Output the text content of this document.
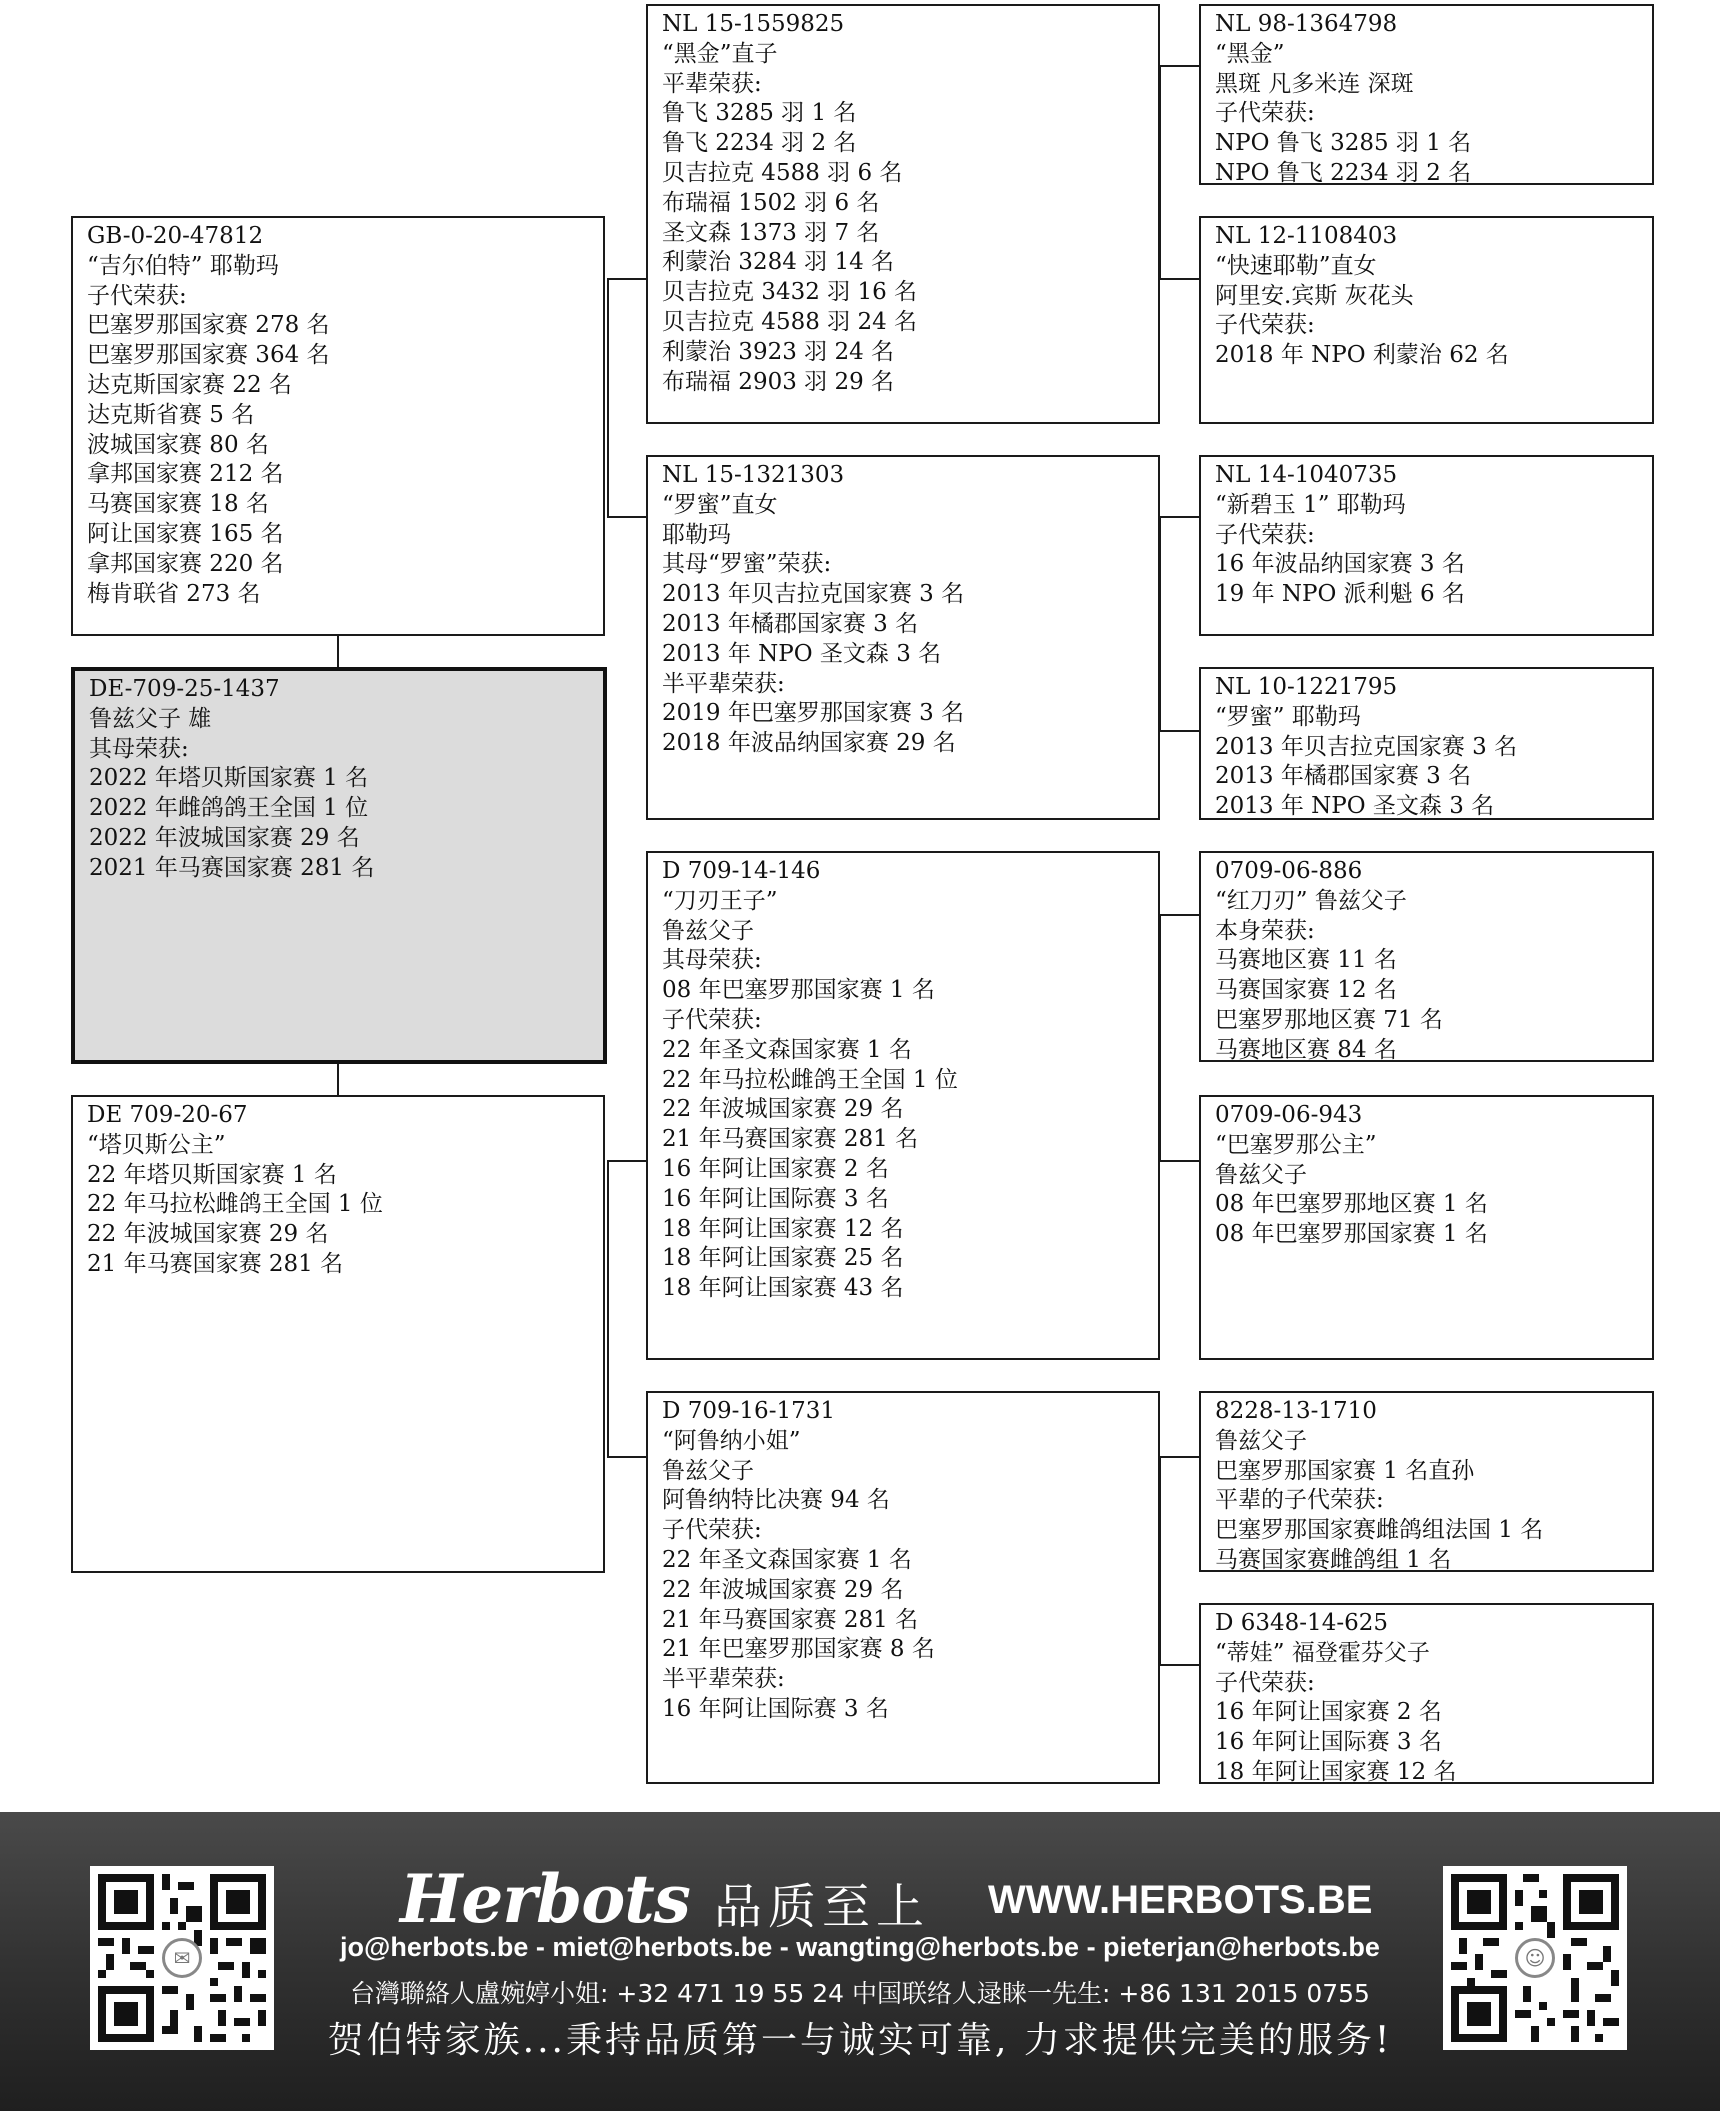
GB-0-20-47812
“吉尔伯特” 耶勒玛
子代荣获:
巴塞罗那国家赛 278 名
巴塞罗那国家赛 364 名
达克斯国家赛 22 名
达克斯省赛 5 名
波城国家赛 80 名
拿邦国家赛 212 名
马赛国家赛 18 名
阿让国家赛 165 名
拿邦国家赛 220 名
梅肯联省 273 名
DE-709-25-1437
鲁兹父子 雄
其母荣获:
2022 年塔贝斯国家赛 1 名
2022 年雌鸽鸽王全国 1 位
2022 年波城国家赛 29 名
2021 年马赛国家赛 281 名
DE 709-20-67
“塔贝斯公主”
22 年塔贝斯国家赛 1 名
22 年马拉松雌鸽王全国 1 位
22 年波城国家赛 29 名
21 年马赛国家赛 281 名
NL 15-1559825
“黑金”直子
平辈荣获:
鲁飞 3285 羽 1 名
鲁飞 2234 羽 2 名
贝吉拉克 4588 羽 6 名
布瑞福 1502 羽 6 名
圣文森 1373 羽 7 名
利蒙治 3284 羽 14 名
贝吉拉克 3432 羽 16 名
贝吉拉克 4588 羽 24 名
利蒙治 3923 羽 24 名
布瑞福 2903 羽 29 名
NL 15-1321303
“罗蜜”直女
耶勒玛
其母“罗蜜”荣获:
2013 年贝吉拉克国家赛 3 名
2013 年橘郡国家赛 3 名
2013 年 NPO 圣文森 3 名
半平辈荣获:
2019 年巴塞罗那国家赛 3 名
2018 年波品纳国家赛 29 名
D 709-14-146
“刀刃王子”
鲁兹父子
其母荣获:
08 年巴塞罗那国家赛 1 名
子代荣获:
22 年圣文森国家赛 1 名
22 年马拉松雌鸽王全国 1 位
22 年波城国家赛 29 名
21 年马赛国家赛 281 名
16 年阿让国家赛 2 名
16 年阿让国际赛 3 名
18 年阿让国家赛 12 名
18 年阿让国家赛 25 名
18 年阿让国家赛 43 名
D 709-16-1731
“阿鲁纳小姐”
鲁兹父子
阿鲁纳特比决赛 94 名
子代荣获:
22 年圣文森国家赛 1 名
22 年波城国家赛 29 名
21 年马赛国家赛 281 名
21 年巴塞罗那国家赛 8 名
半平辈荣获:
16 年阿让国际赛 3 名
NL 98-1364798
“黑金”
黑斑 凡多米连 深斑
子代荣获:
NPO 鲁飞 3285 羽 1 名
NPO 鲁飞 2234 羽 2 名
NL 12-1108403
“快速耶勒”直女
阿里安.宾斯 灰花头
子代荣获:
2018 年 NPO 利蒙治 62 名
NL 14-1040735
“新碧玉 1” 耶勒玛
子代荣获:
16 年波品纳国家赛 3 名
19 年 NPO 派利魁 6 名
NL 10-1221795
“罗蜜” 耶勒玛
2013 年贝吉拉克国家赛 3 名
2013 年橘郡国家赛 3 名
2013 年 NPO 圣文森 3 名
0709-06-886
“红刀刃” 鲁兹父子
本身荣获:
马赛地区赛 11 名
马赛国家赛 12 名
巴塞罗那地区赛 71 名
马赛地区赛 84 名
0709-06-943
“巴塞罗那公主”
鲁兹父子
08 年巴塞罗那地区赛 1 名
08 年巴塞罗那国家赛 1 名
8228-13-1710
鲁兹父子
巴塞罗那国家赛 1 名直孙
平辈的子代荣获:
巴塞罗那国家赛雌鸽组法国 1 名
马赛国家赛雌鸽组 1 名
D 6348-14-625
“蒂娃” 福登霍芬父子
子代荣获:
16 年阿让国家赛 2 名
16 年阿让国际赛 3 名
18 年阿让国家赛 12 名
✉	☺
Herbots 品质至上 WWW.HERBOTS.BE
jo@herbots.be - miet@herbots.be - wangting@herbots.be - pieterjan@herbots.be
台灣聯絡人盧婉婷小姐: +32 471 19 55 24 中国联络人逯睐一先生: +86 131 2015 0755
贺伯特家族...秉持品质第一与诚实可靠, 力求提供完美的服务!
